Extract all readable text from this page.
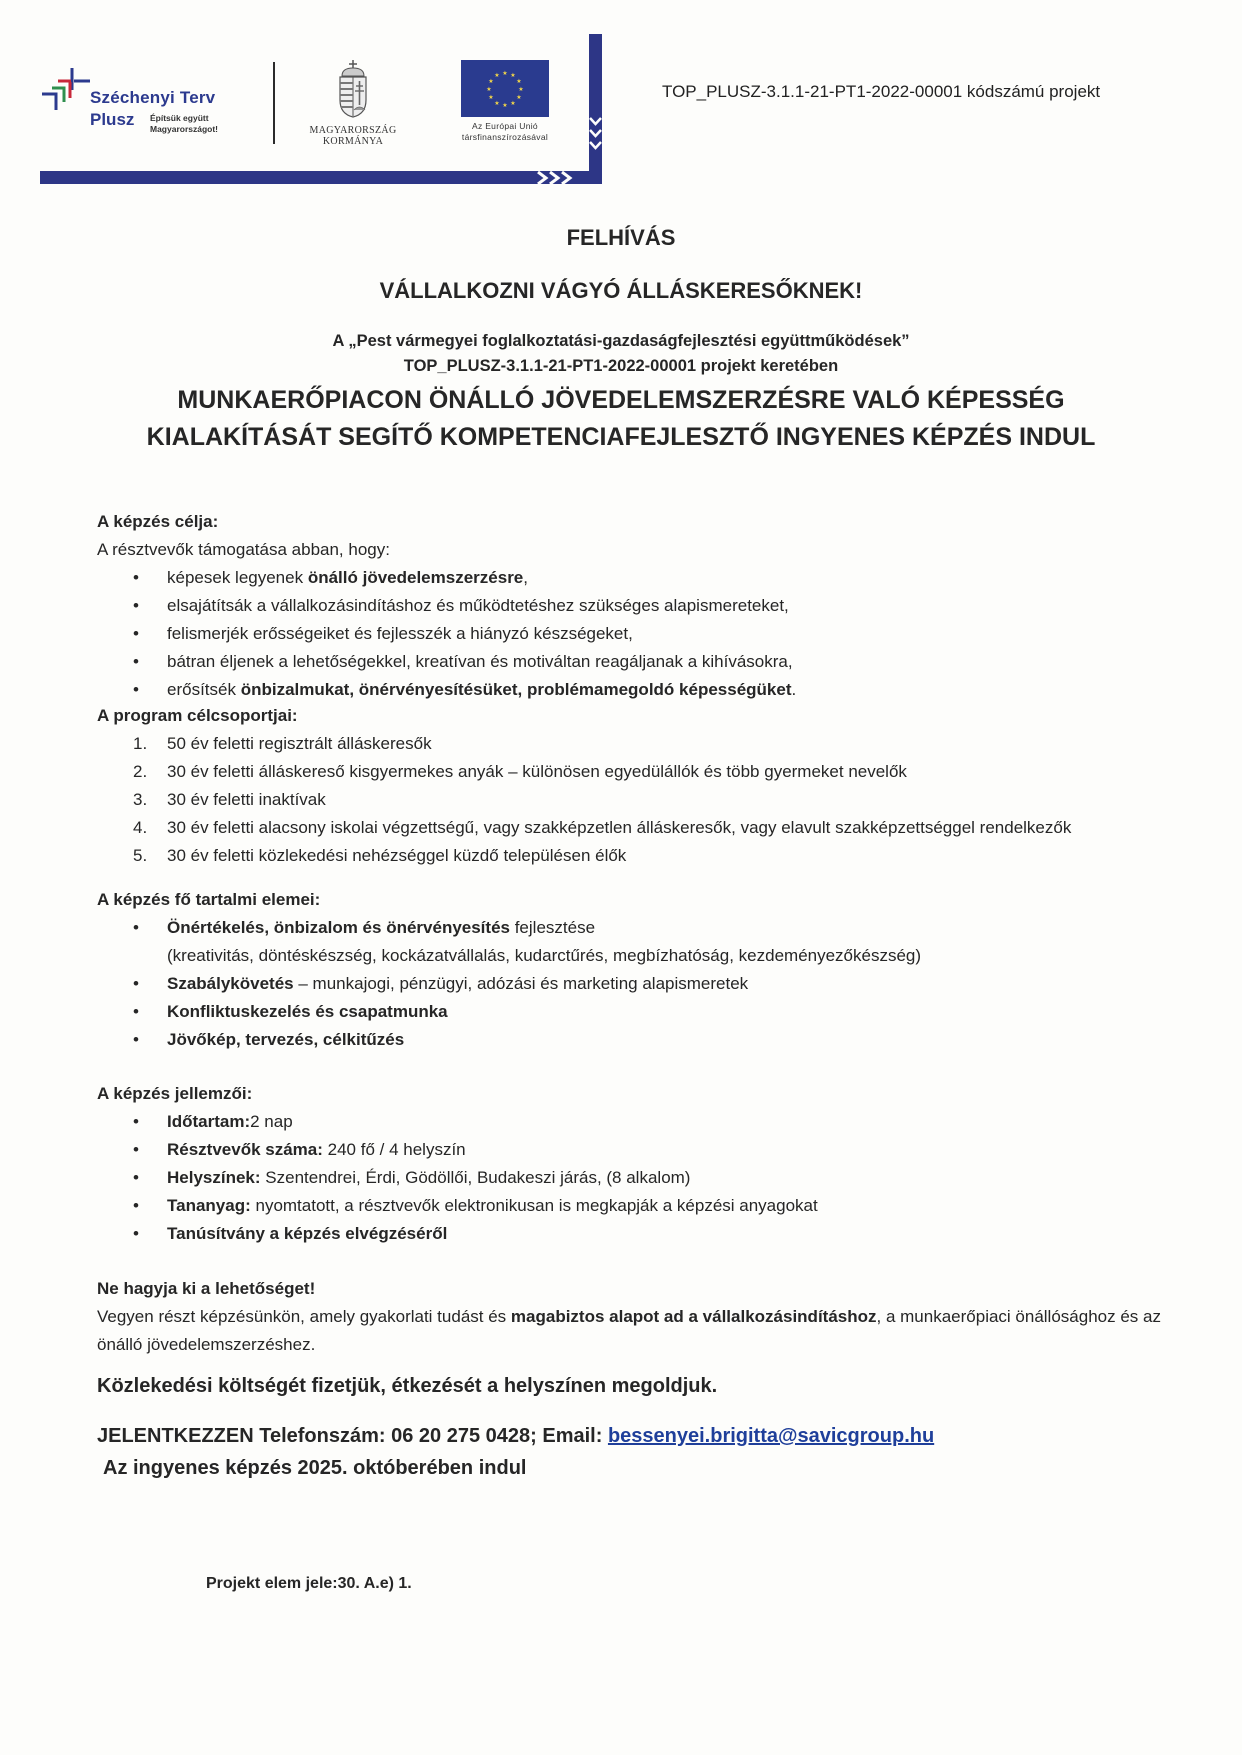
Széchenyi Terv
Plusz Építsük együtt
Magyarországot!	MAGYARORSZÁG
KORMÁNYA
★ ★
★
★
★
★
★
★
★
★
★
★
Az Európai Unió
társfinanszírozásával
TOP_PLUSZ-3.1.1-21-PT1-2022-00001 kódszámú projekt
FELHÍVÁS
VÁLLALKOZNI VÁGYÓ ÁLLÁSKERESŐKNEK!
A „Pest vármegyei foglalkoztatási-gazdaságfejlesztési együttműködések”
TOP_PLUSZ-3.1.1-21-PT1-2022-00001 projekt keretében
MUNKAERŐPIACON ÖNÁLLÓ JÖVEDELEMSZERZÉSRE VALÓ KÉPESSÉG KIALAKÍTÁSÁT SEGÍTŐ KOMPETENCIAFEJLESZTŐ INGYENES KÉPZÉS INDUL
A képzés célja:
A résztvevők támogatása abban, hogy:
• képesek legyenek önálló jövedelemszerzésre,
• elsajátítsák a vállalkozásindításhoz és működtetéshez szükséges alapismereteket,
• felismerjék erősségeiket és fejlesszék a hiányzó készségeket,
• bátran éljenek a lehetőségekkel, kreatívan és motiváltan reagáljanak a kihívásokra,
• erősítsék önbizalmukat, önérvényesítésüket, problémamegoldó képességüket.
A program célcsoportjai:
1. 50 év feletti regisztrált álláskeresők
2. 30 év feletti álláskereső kisgyermekes anyák – különösen egyedülállók és több gyermeket nevelők
3. 30 év feletti inaktívak
4. 30 év feletti alacsony iskolai végzettségű, vagy szakképzetlen álláskeresők, vagy elavult szakképzettséggel rendelkezők
5. 30 év feletti közlekedési nehézséggel küzdő településen élők
A képzés fő tartalmi elemei:
• Önértékelés, önbizalom és önérvényesítés fejlesztése
(kreativitás, döntéskészség, kockázatvállalás, kudarctűrés, megbízhatóság, kezdeményezőkészség)
• Szabálykövetés – munkajogi, pénzügyi, adózási és marketing alapismeretek
• Konfliktuskezelés és csapatmunka
• Jövőkép, tervezés, célkitűzés
A képzés jellemzői:
• Időtartam:2 nap
• Résztvevők száma: 240 fő / 4 helyszín
• Helyszínek: Szentendrei, Érdi, Gödöllői, Budakeszi járás, (8 alkalom)
• Tananyag: nyomtatott, a résztvevők elektronikusan is megkapják a képzési anyagokat
• Tanúsítvány a képzés elvégzéséről
Ne hagyja ki a lehetőséget!
Vegyen részt képzésünkön, amely gyakorlati tudást és magabiztos alapot ad a vállalkozásindításhoz, a munkaerőpiaci önállósághoz és az önálló jövedelemszerzéshez.
Közlekedési költségét fizetjük, étkezését a helyszínen megoldjuk.
JELENTKEZZEN Telefonszám: 06 20 275 0428; Email: bessenyei.brigitta@savicgroup.hu
Az ingyenes képzés 2025. októberében indul
Projekt elem jele:30. A.e) 1.
